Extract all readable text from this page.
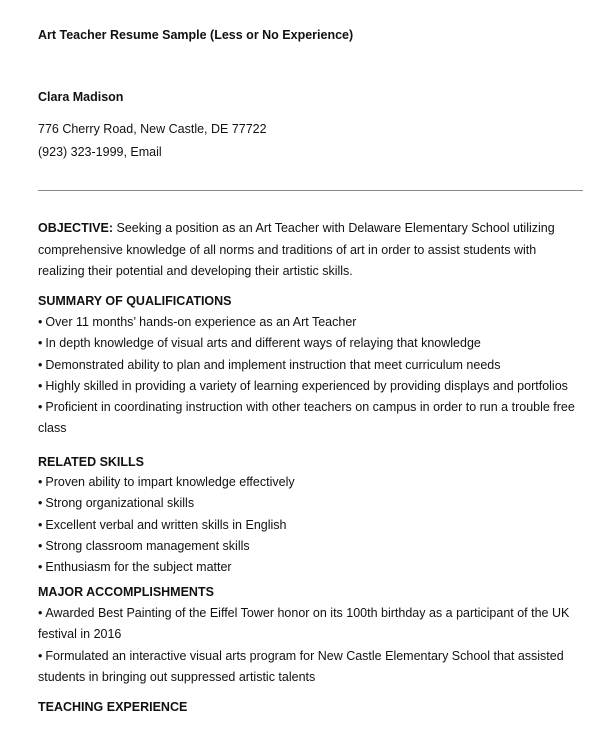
Art Teacher Resume Sample (Less or No Experience)
Clara Madison
776 Cherry Road, New Castle, DE 77722
(923) 323-1999, Email
OBJECTIVE: Seeking a position as an Art Teacher with Delaware Elementary School utilizing comprehensive knowledge of all norms and traditions of art in order to assist students with realizing their potential and developing their artistic skills.
SUMMARY OF QUALIFICATIONS
• Over 11 months’ hands-on experience as an Art Teacher
• In depth knowledge of visual arts and different ways of relaying that knowledge
• Demonstrated ability to plan and implement instruction that meet curriculum needs
• Highly skilled in providing a variety of learning experienced by providing displays and portfolios
• Proficient in coordinating instruction with other teachers on campus in order to run a trouble free class
RELATED SKILLS
• Proven ability to impart knowledge effectively
• Strong organizational skills
• Excellent verbal and written skills in English
• Strong classroom management skills
• Enthusiasm for the subject matter
MAJOR ACCOMPLISHMENTS
• Awarded Best Painting of the Eiffel Tower honor on its 100th birthday as a participant of the UK festival in 2016
• Formulated an interactive visual arts program for New Castle Elementary School that assisted students in bringing out suppressed artistic talents
TEACHING EXPERIENCE
